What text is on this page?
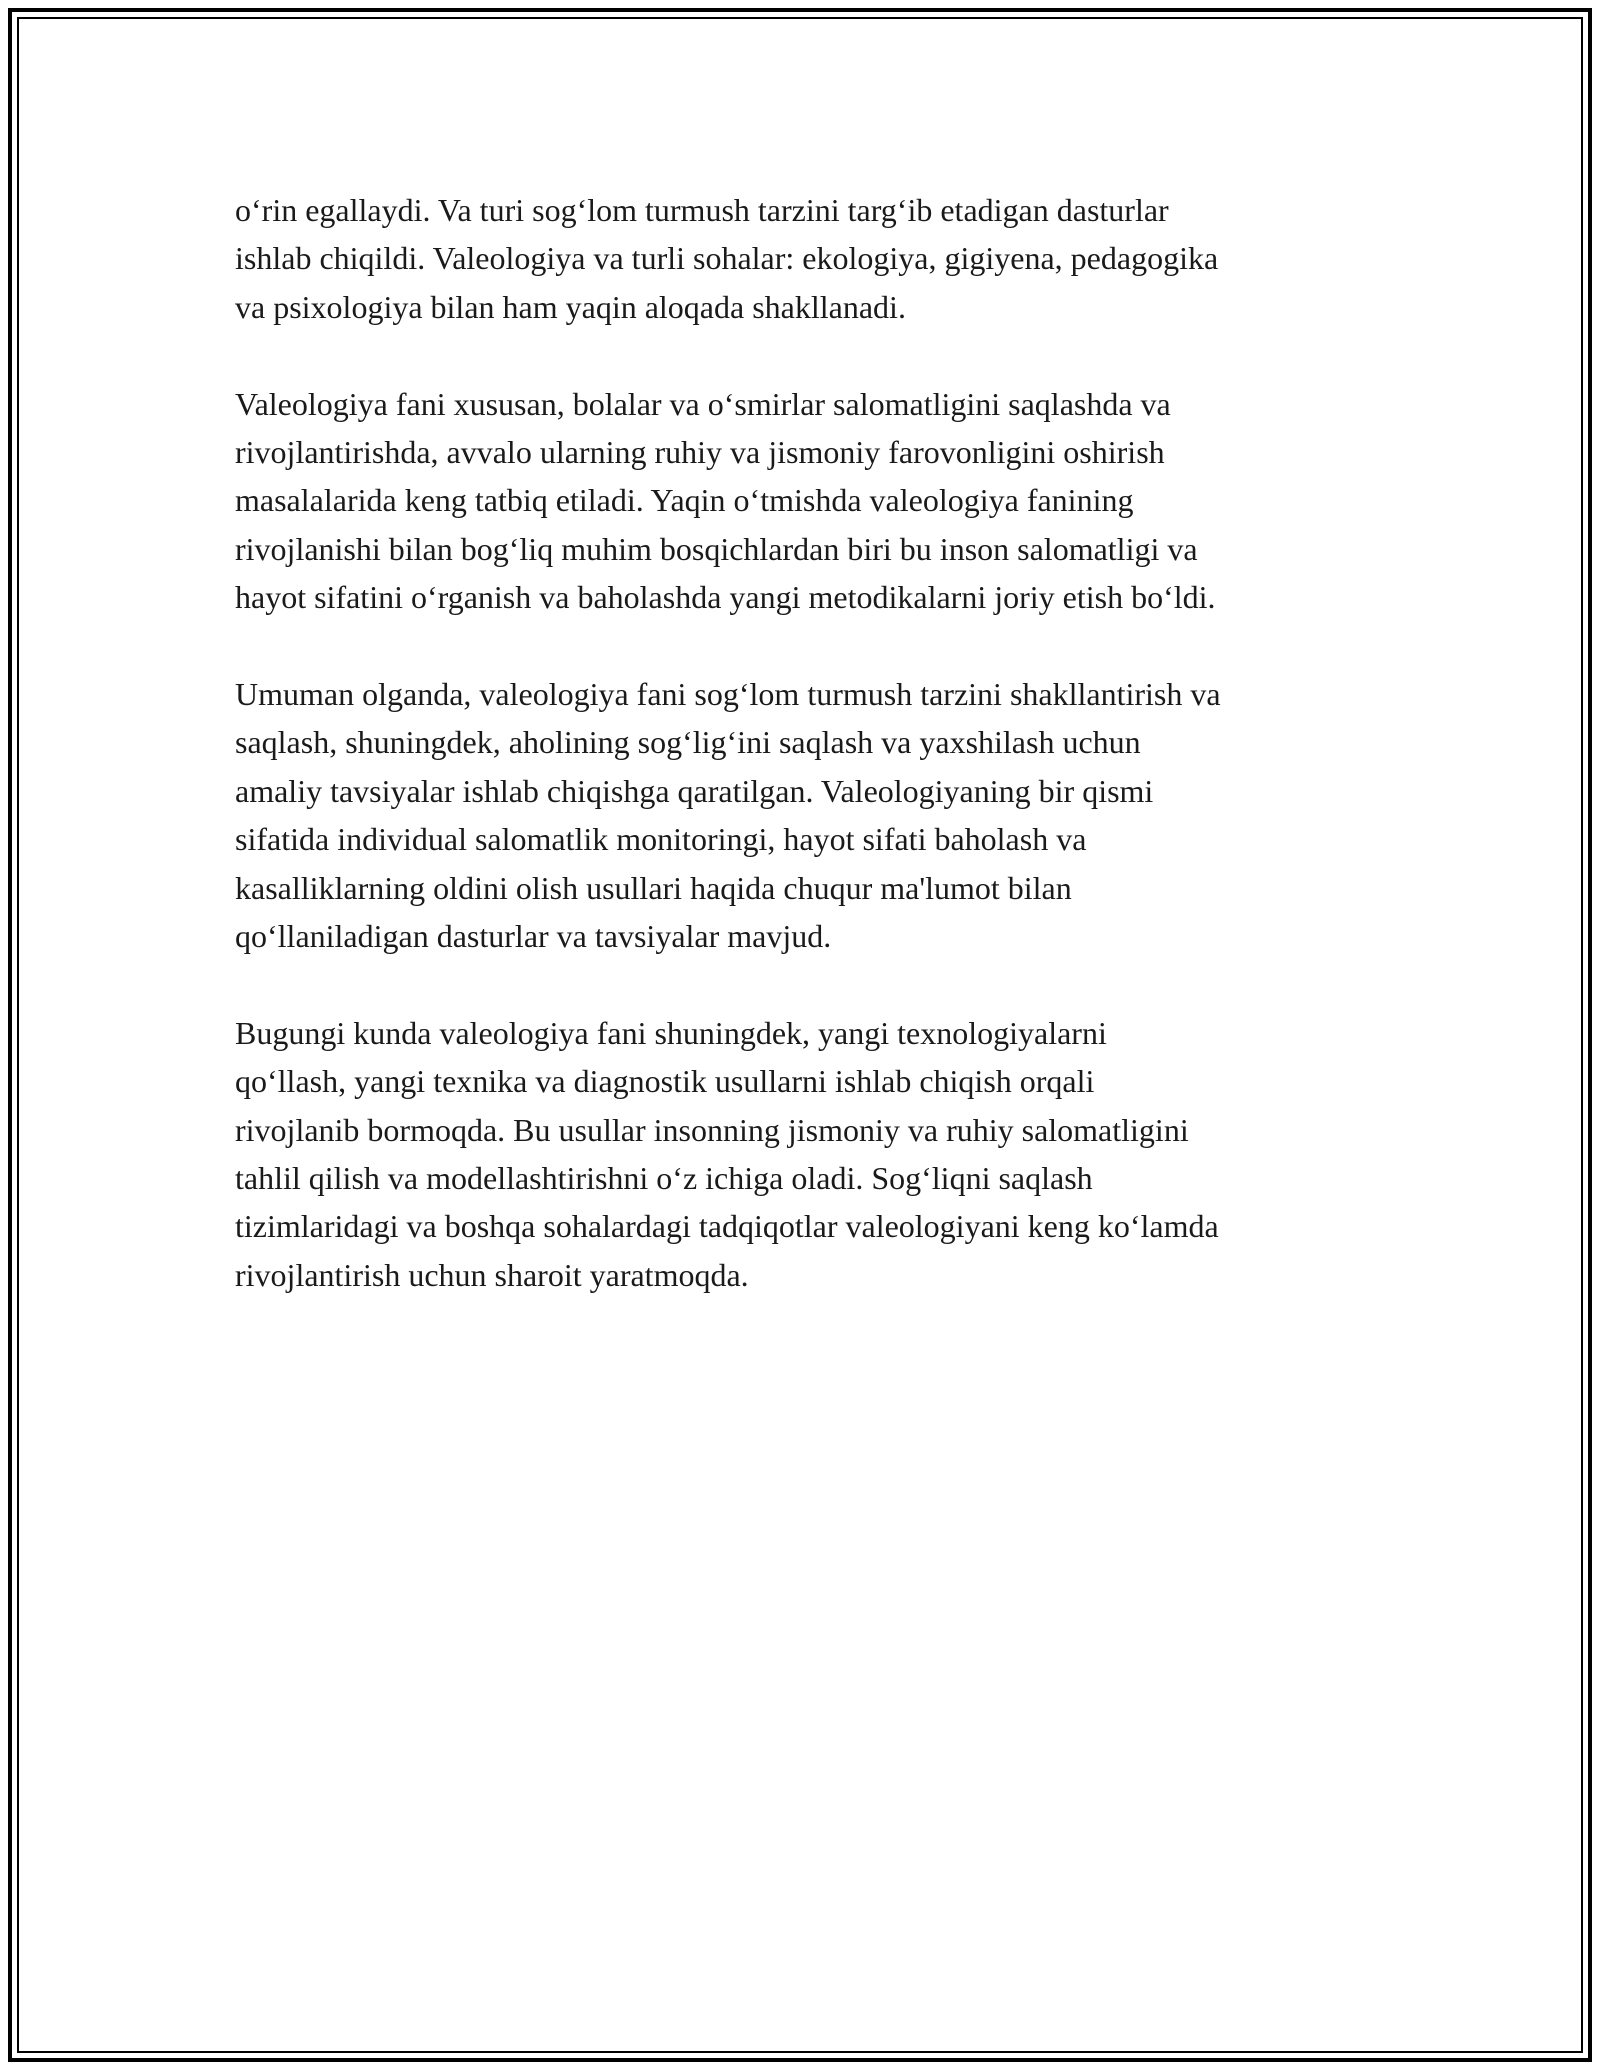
o‘rin egallaydi. Va turi sog‘lom turmush tarzini targ‘ib etadigan dasturlar
ishlab chiqildi. Valeologiya va turli sohalar: ekologiya, gigiyena, pedagogika
va psixologiya bilan ham yaqin aloqada shakllanadi.

Valeologiya fani xususan, bolalar va o‘smirlar salomatligini saqlashda va
rivojlantirishda, avvalo ularning ruhiy va jismoniy farovonligini oshirish
masalalarida keng tatbiq etiladi. Yaqin o‘tmishda valeologiya fanining
rivojlanishi bilan bog‘liq muhim bosqichlardan biri bu inson salomatligi va
hayot sifatini o‘rganish va baholashda yangi metodikalarni joriy etish bo‘ldi.

Umuman olganda, valeologiya fani sog‘lom turmush tarzini shakllantirish va
saqlash, shuningdek, aholining sog‘lig‘ini saqlash va yaxshilash uchun
amaliy tavsiyalar ishlab chiqishga qaratilgan. Valeologiyaning bir qismi
sifatida individual salomatlik monitoringi, hayot sifati baholash va
kasalliklarning oldini olish usullari haqida chuqur ma'lumot bilan
qo‘llaniladigan dasturlar va tavsiyalar mavjud.

Bugungi kunda valeologiya fani shuningdek, yangi texnologiyalarni
qo‘llash, yangi texnika va diagnostik usullarni ishlab chiqish orqali
rivojlanib bormoqda. Bu usullar insonning jismoniy va ruhiy salomatligini
tahlil qilish va modellashtirishni o‘z ichiga oladi. Sog‘liqni saqlash
tizimlaridagi va boshqa sohalardagi tadqiqotlar valeologiyani keng ko‘lamda
rivojlantirish uchun sharoit yaratmoqda.
